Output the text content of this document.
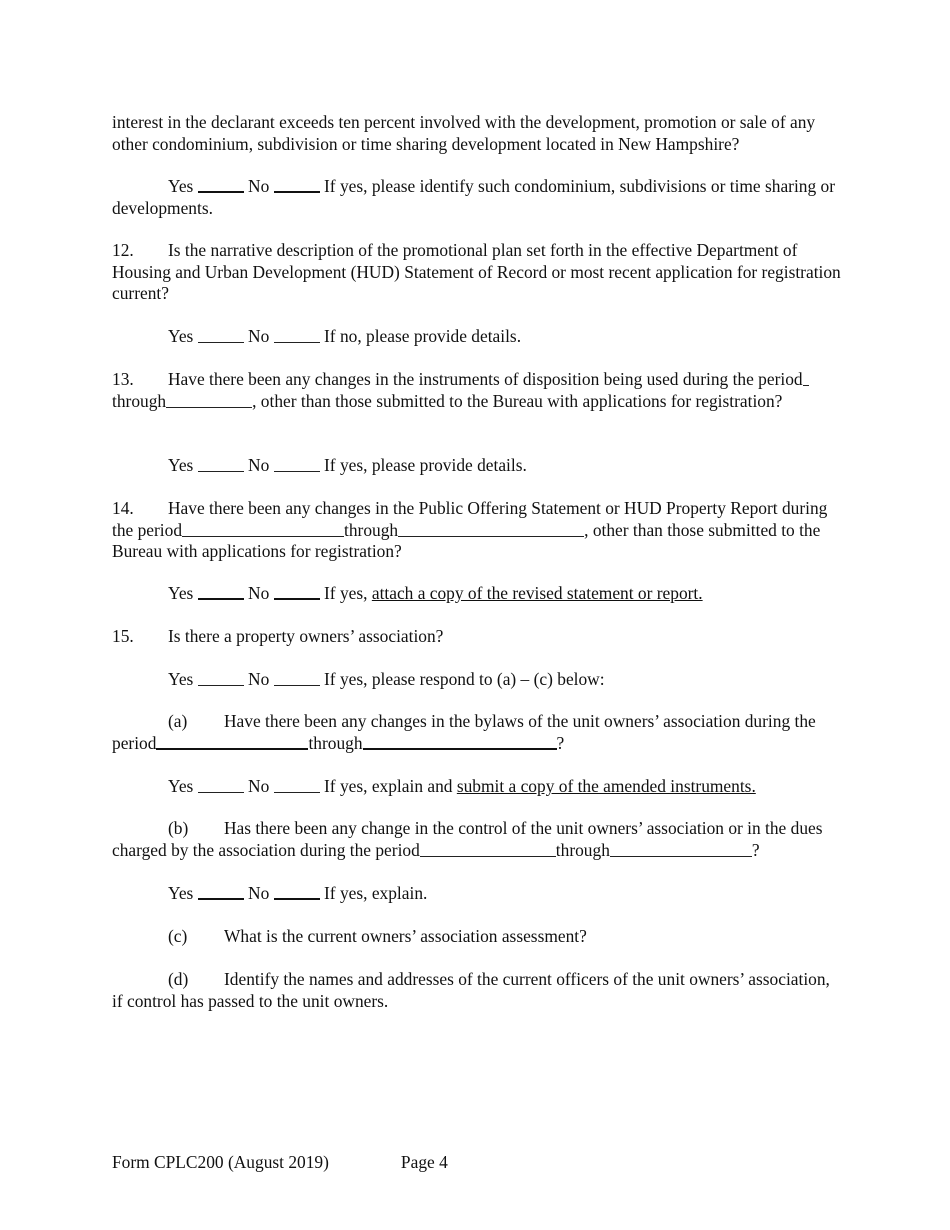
interest in the declarant exceeds ten percent involved with the development, promotion or sale of any other condominium, subdivision or time sharing development located in New Hampshire?
Yes	No	If yes, please identify such condominium, subdivisions or time sharing or developments.
12. Is the narrative description of the promotional plan set forth in the effective Department of Housing and Urban Development (HUD) Statement of Record or most recent application for registration current?
Yes	No	If no, please provide details.
13. Have there been any changes in the instruments of disposition being used during the periodthrough	, other than those submitted to the Bureau with applications for registration?
Yes	No	If yes, please provide details.
14. Have there been any changes in the Public Offering Statement or HUD Property Report during the period	through	, other than those submitted to the Bureau with applications for registration?
Yes	No	If yes, attach a copy of the revised statement or report.
15. Is there a property owners’ association?
Yes	No	If yes, please respond to (a) – (c) below:
(a) Have there been any changes in the bylaws of the unit owners’ association during the period	through	?
Yes	No	If yes, explain and submit a copy of the amended instruments.
(b) Has there been any change in the control of the unit owners’ association or in the dues charged by the association during the period	through	?
Yes	No	If yes, explain.
(c) What is the current owners’ association assessment?
(d) Identify the names and addresses of the current officers of the unit owners’ association, if control has passed to the unit owners.
Form CPLC200 (August 2019)	Page 4
